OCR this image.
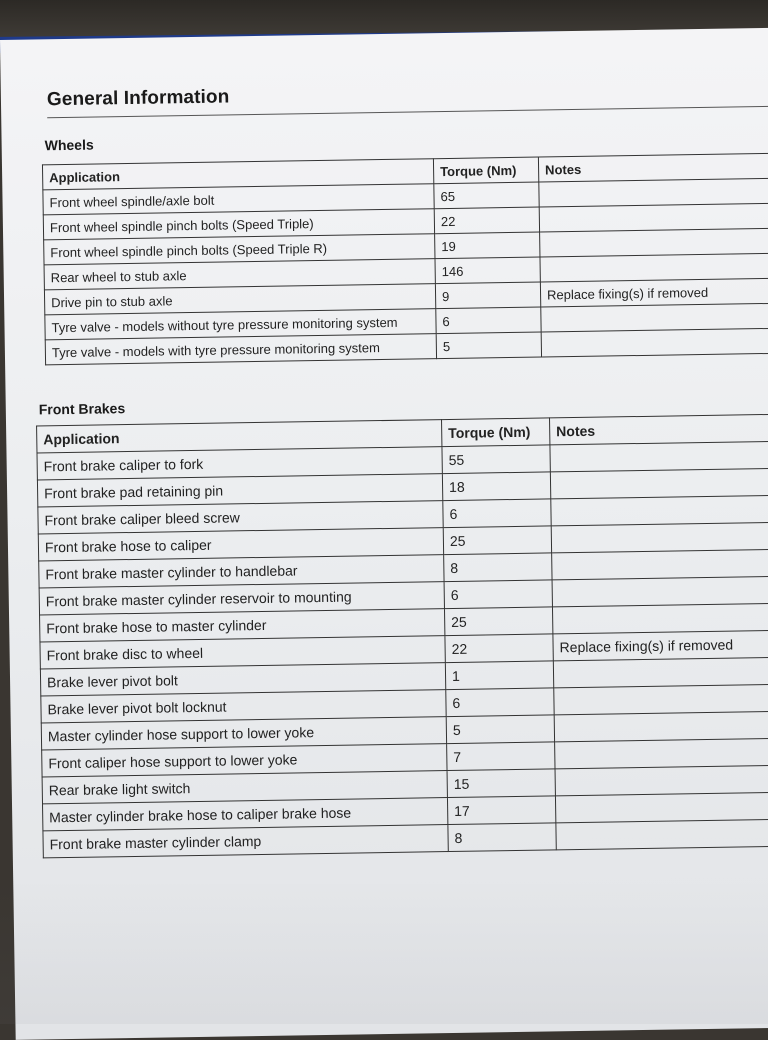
General Information
Wheels
Application	Torque (Nm)	Notes
Front wheel spindle/axle bolt	65	
Front wheel spindle pinch bolts (Speed Triple)	22	
Front wheel spindle pinch bolts (Speed Triple R)	19	
Rear wheel to stub axle	146	
Drive pin to stub axle	9	Replace fixing(s) if removed
Tyre valve - models without tyre pressure monitoring system	6	
Tyre valve - models with tyre pressure monitoring system	5	
Front Brakes
Application	Torque (Nm)	Notes
Front brake caliper to fork	55	
Front brake pad retaining pin	18	
Front brake caliper bleed screw	6	
Front brake hose to caliper	25	
Front brake master cylinder to handlebar	8	
Front brake master cylinder reservoir to mounting	6	
Front brake hose to master cylinder	25	
Front brake disc to wheel	22	Replace fixing(s) if removed
Brake lever pivot bolt	1	
Brake lever pivot bolt locknut	6	
Master cylinder hose support to lower yoke	5	
Front caliper hose support to lower yoke	7	
Rear brake light switch	15	
Master cylinder brake hose to caliper brake hose	17	
Front brake master cylinder clamp	8	
